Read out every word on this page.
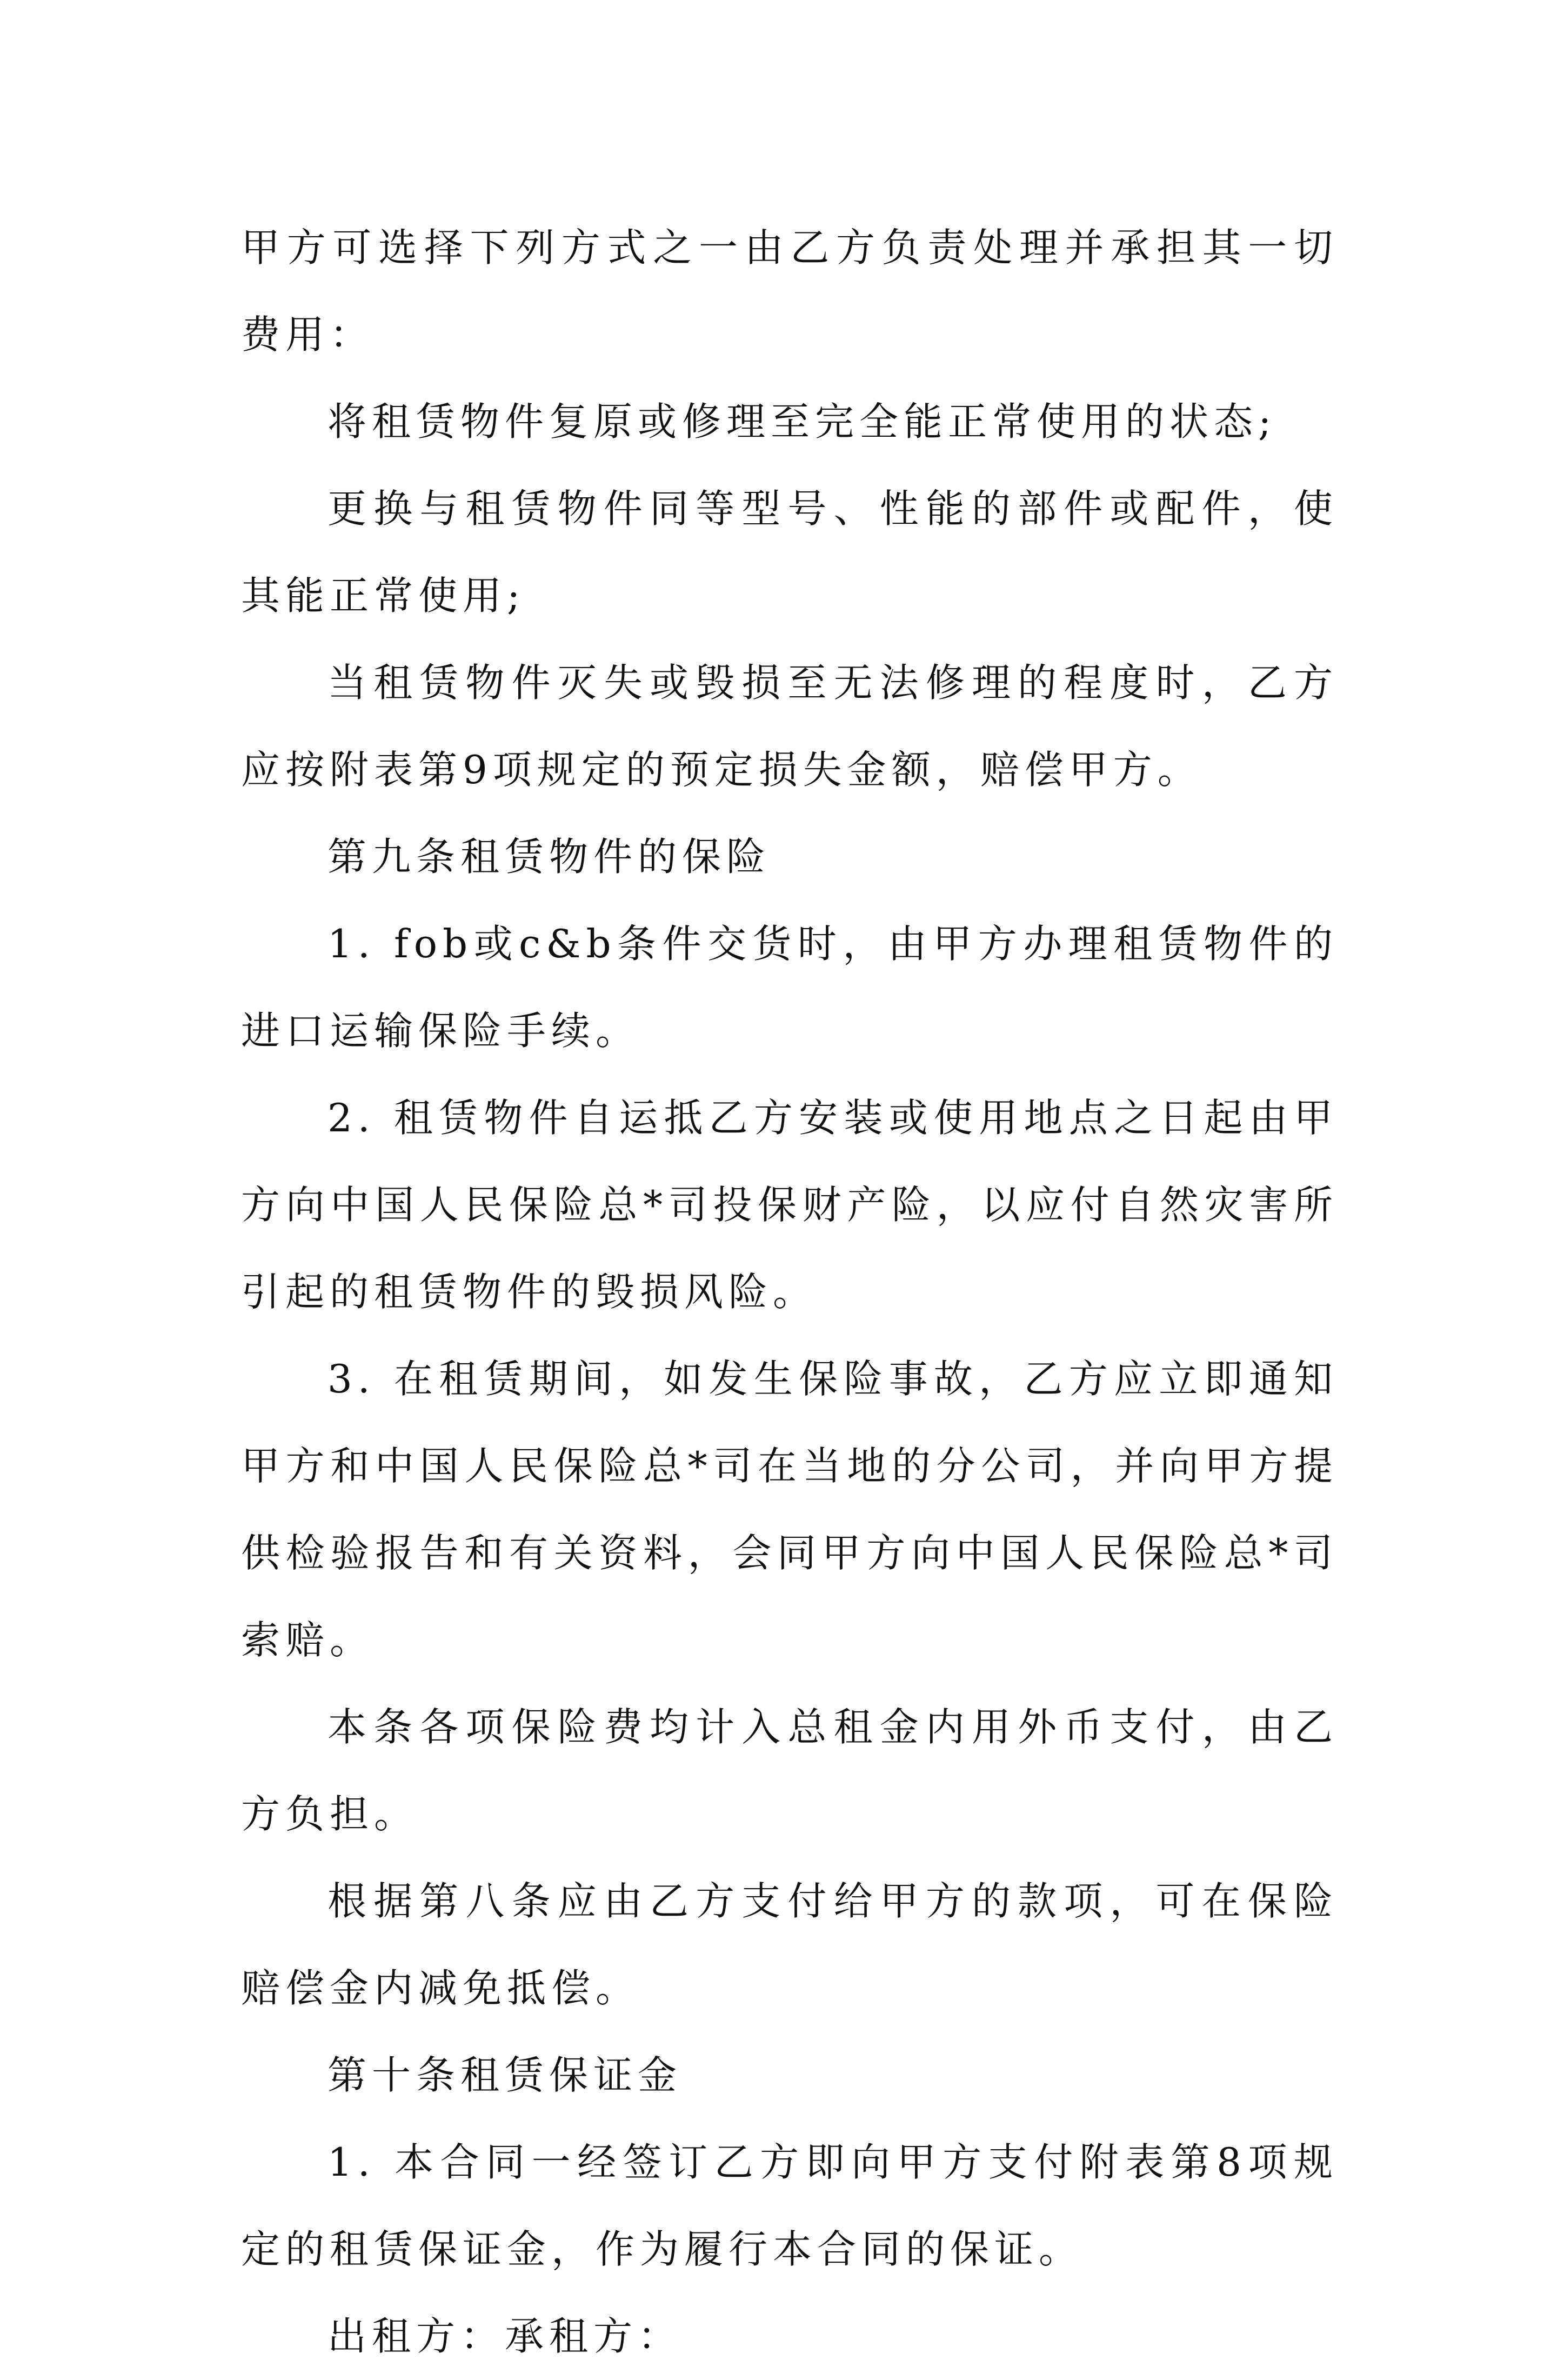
甲方可选择下列方式之一由乙方负责处理并承担其一切费用：

将租赁物件复原或修理至完全能正常使用的状态;

更换与租赁物件同等型号、性能的部件或配件，使其能正常使用;

当租赁物件灭失或毁损至无法修理的程度时，乙方应按附表第9项规定的预定损失金额，赔偿甲方。

第九条租赁物件的保险

1. fob或c&b条件交货时，由甲方办理租赁物件的进口运输保险手续。

2. 租赁物件自运抵乙方安装或使用地点之日起由甲方向中国人民保险总*司投保财产险，以应付自然灾害所引起的租赁物件的毁损风险。

3. 在租赁期间，如发生保险事故，乙方应立即通知甲方和中国人民保险总*司在当地的分公司，并向甲方提供检验报告和有关资料，会同甲方向中国人民保险总*司索赔。

本条各项保险费均计入总租金内用外币支付，由乙方负担。

根据第八条应由乙方支付给甲方的款项，可在保险赔偿金内减免抵偿。

第十条租赁保证金

1. 本合同一经签订乙方即向甲方支付附表第8项规定的租赁保证金，作为履行本合同的保证。

出租方：承租方：
